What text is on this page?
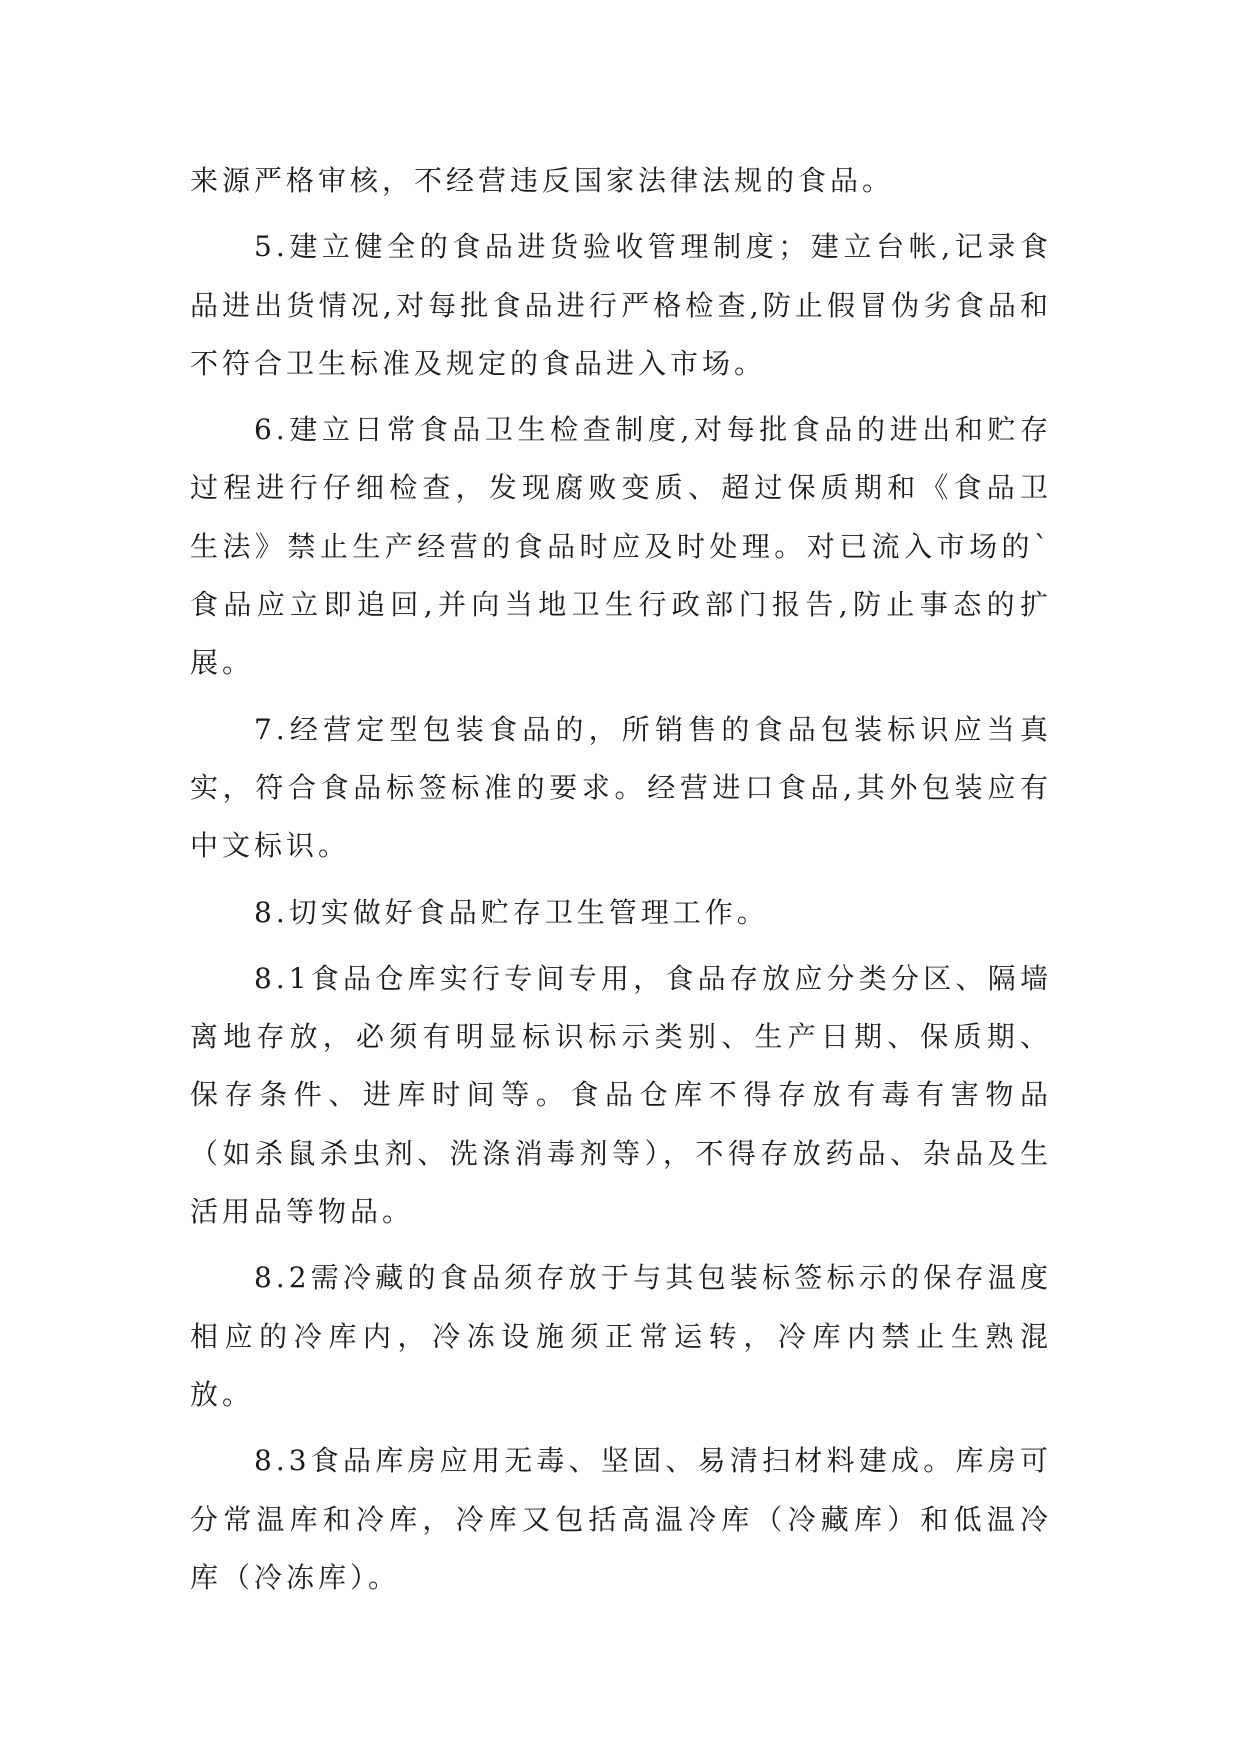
来源严格审核，不经营违反国家法律法规的食品。

5.建立健全的食品进货验收管理制度；建立台帐,记录食品进出货情况,对每批食品进行严格检查,防止假冒伪劣食品和不符合卫生标准及规定的食品进入市场。

6.建立日常食品卫生检查制度,对每批食品的进出和贮存过程进行仔细检查，发现腐败变质、超过保质期和《食品卫生法》禁止生产经营的食品时应及时处理。对已流入市场的`食品应立即追回,并向当地卫生行政部门报告,防止事态的扩展。

7.经营定型包装食品的，所销售的食品包装标识应当真实，符合食品标签标准的要求。经营进口食品,其外包装应有中文标识。

8.切实做好食品贮存卫生管理工作。

8.1食品仓库实行专间专用，食品存放应分类分区、隔墙离地存放，必须有明显标识标示类别、生产日期、保质期、保存条件、进库时间等。食品仓库不得存放有毒有害物品（如杀鼠杀虫剂、洗涤消毒剂等），不得存放药品、杂品及生活用品等物品。

8.2需冷藏的食品须存放于与其包装标签标示的保存温度相应的冷库内，冷冻设施须正常运转，冷库内禁止生熟混放。

8.3食品库房应用无毒、坚固、易清扫材料建成。库房可分常温库和冷库，冷库又包括高温冷库（冷藏库）和低温冷库（冷冻库）。
